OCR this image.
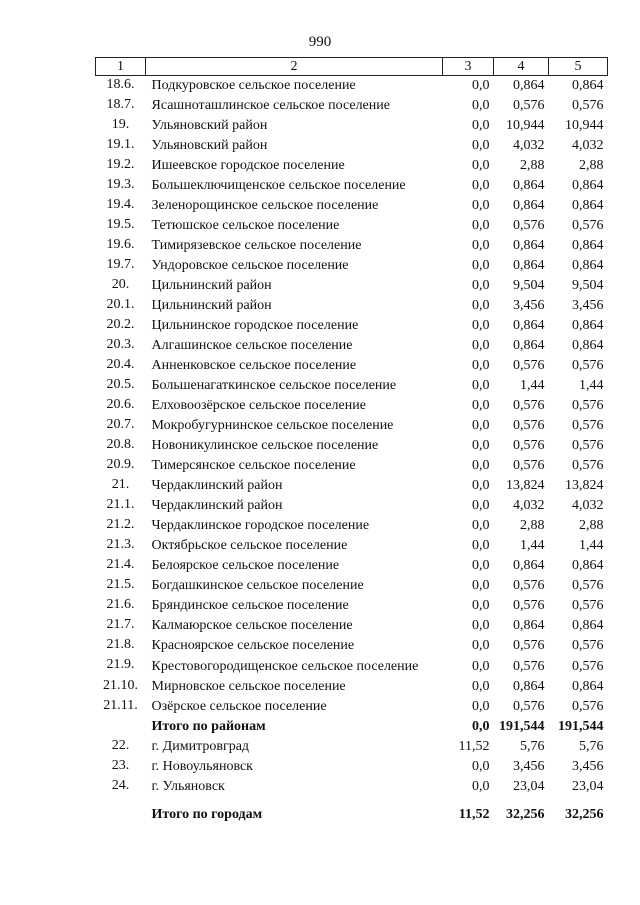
990
1	2	3	4	5
18.6.	Подкуровское сельское поселение	0,0	0,864	0,864
18.7.	Ясашноташлинское сельское поселение	0,0	0,576	0,576
19.	Ульяновский район	0,0	10,944	10,944
19.1.	Ульяновский район	0,0	4,032	4,032
19.2.	Ишеевское городское поселение	0,0	2,88	2,88
19.3.	Большеключищенское сельское поселение	0,0	0,864	0,864
19.4.	Зеленорощинское сельское поселение	0,0	0,864	0,864
19.5.	Тетюшское сельское поселение	0,0	0,576	0,576
19.6.	Тимирязевское сельское поселение	0,0	0,864	0,864
19.7.	Ундоровское сельское поселение	0,0	0,864	0,864
20.	Цильнинский район	0,0	9,504	9,504
20.1.	Цильнинский район	0,0	3,456	3,456
20.2.	Цильнинское городское поселение	0,0	0,864	0,864
20.3.	Алгашинское сельское поселение	0,0	0,864	0,864
20.4.	Анненковское сельское поселение	0,0	0,576	0,576
20.5.	Большенагаткинское сельское поселение	0,0	1,44	1,44
20.6.	Елховоозёрское сельское поселение	0,0	0,576	0,576
20.7.	Мокробугурнинское сельское поселение	0,0	0,576	0,576
20.8.	Новоникулинское сельское поселение	0,0	0,576	0,576
20.9.	Тимерсянское сельское поселение	0,0	0,576	0,576
21.	Чердаклинский район	0,0	13,824	13,824
21.1.	Чердаклинский район	0,0	4,032	4,032
21.2.	Чердаклинское городское поселение	0,0	2,88	2,88
21.3.	Октябрьское сельское поселение	0,0	1,44	1,44
21.4.	Белоярское сельское поселение	0,0	0,864	0,864
21.5.	Богдашкинское сельское поселение	0,0	0,576	0,576
21.6.	Бряндинское сельское поселение	0,0	0,576	0,576
21.7.	Калмаюрское сельское поселение	0,0	0,864	0,864
21.8.	Красноярское сельское поселение	0,0	0,576	0,576
21.9.	Крестовогородищенское сельское поселение	0,0	0,576	0,576
21.10.	Мирновское сельское поселение	0,0	0,864	0,864
21.11.	Озёрское сельское поселение	0,0	0,576	0,576
	Итого по районам	0,0	191,544	191,544
22.	г. Димитровград	11,52	5,76	5,76
23.	г. Новоульяновск	0,0	3,456	3,456
24.	г. Ульяновск	0,0	23,04	23,04
	Итого по городам	11,52	32,256	32,256
